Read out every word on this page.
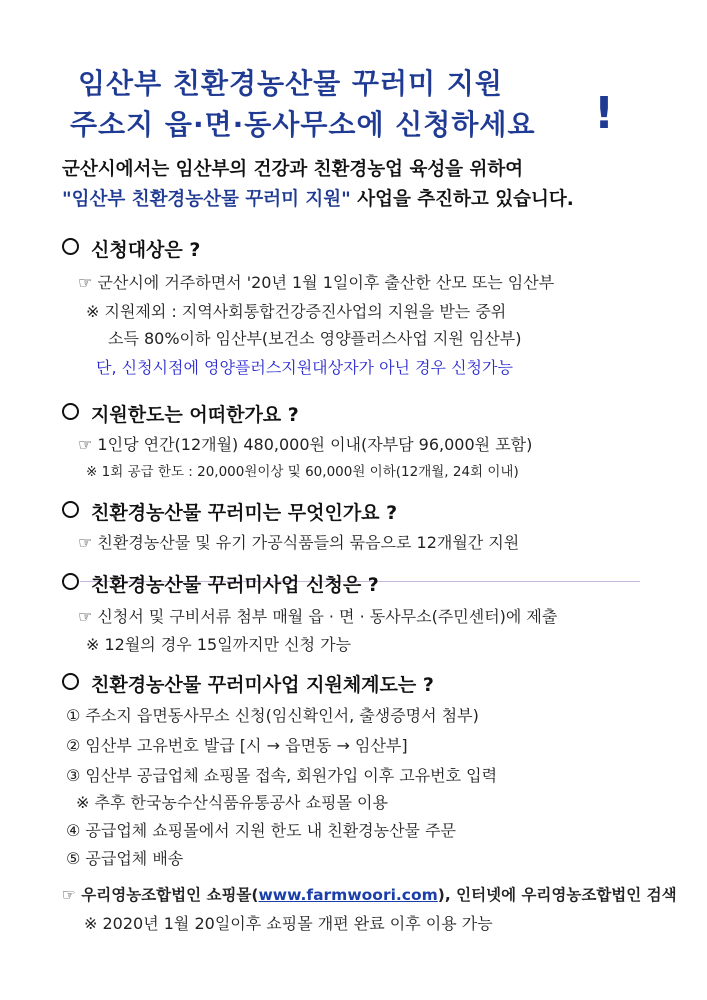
임산부 친환경농산물 꾸러미 지원
주소지 읍·면·동사무소에 신청하세요 !
군산시에서는 임산부의 건강과 친환경농업 육성을 위하여
"임산부 친환경농산물 꾸러미 지원" 사업을 추진하고 있습니다.
신청대상은 ?
☞ 군산시에 거주하면서 '20년 1월 1일이후 출산한 산모 또는 임산부
※ 지원제외 : 지역사회통합건강증진사업의 지원을 받는 중위
소득 80%이하 임산부(보건소 영양플러스사업 지원 임산부)
단, 신청시점에 영양플러스지원대상자가 아닌 경우 신청가능
지원한도는 어떠한가요 ?
☞ 1인당 연간(12개월) 480,000원 이내(자부담 96,000원 포함)
※ 1회 공급 한도 : 20,000원이상 및 60,000원 이하(12개월, 24회 이내)
친환경농산물 꾸러미는 무엇인가요 ?
☞ 친환경농산물 및 유기 가공식품들의 묶음으로 12개월간 지원
친환경농산물 꾸러미사업 신청은 ?
☞ 신청서 및 구비서류 첨부 매월 읍 · 면 · 동사무소(주민센터)에 제출
※ 12월의 경우 15일까지만 신청 가능
친환경농산물 꾸러미사업 지원체계도는 ?
① 주소지 읍면동사무소 신청(임신확인서, 출생증명서 첨부)
② 임산부 고유번호 발급 [시 → 읍면동 → 임산부]
③ 임산부 공급업체 쇼핑몰 접속, 회원가입 이후 고유번호 입력
※ 추후 한국농수산식품유통공사 쇼핑몰 이용
④ 공급업체 쇼핑몰에서 지원 한도 내 친환경농산물 주문
⑤ 공급업체 배송
☞ 우리영농조합법인 쇼핑몰(www.farmwoori.com), 인터넷에 우리영농조합법인 검색
※ 2020년 1월 20일이후 쇼핑몰 개편 완료 이후 이용 가능
